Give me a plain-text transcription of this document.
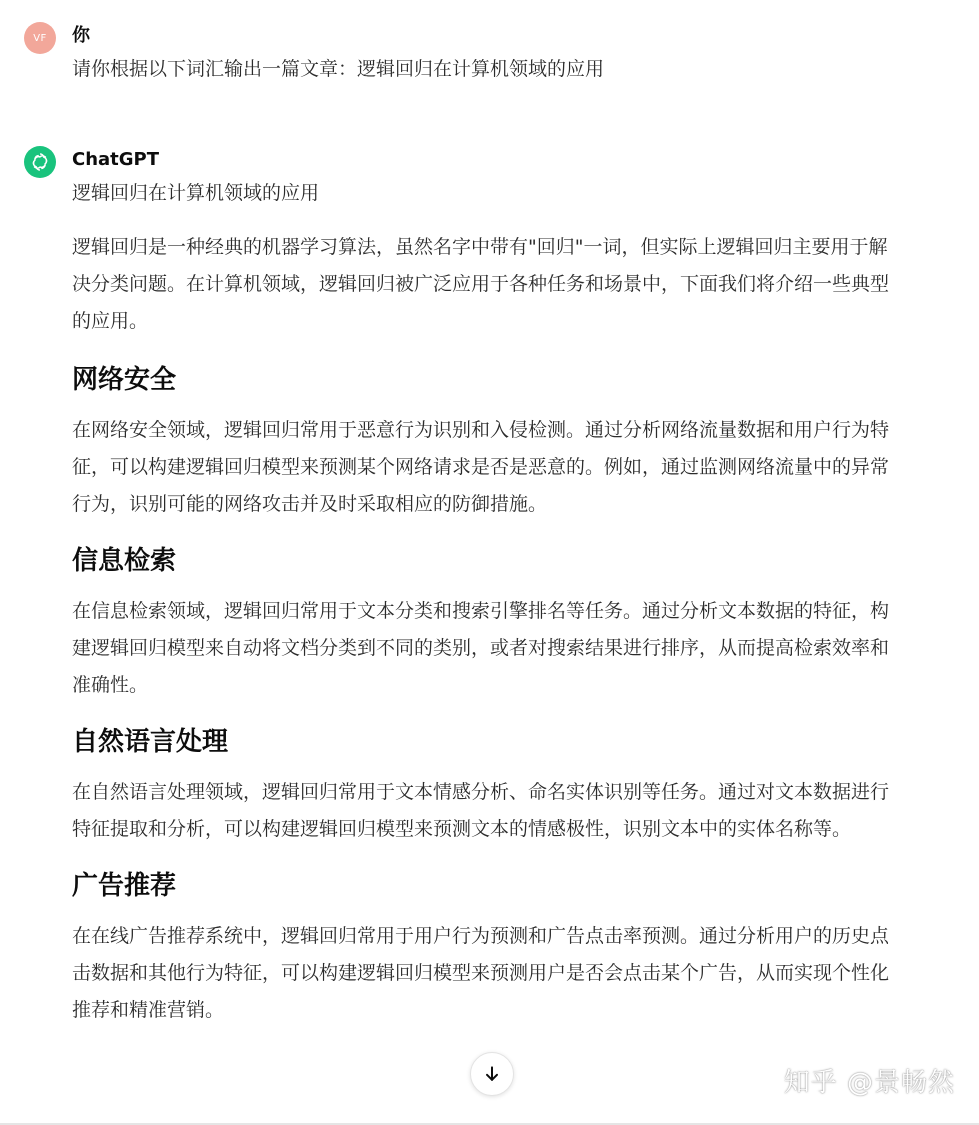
VF 你
请你根据以下词汇输出一篇文章：逻辑回归在计算机领域的应用
ChatGPT
逻辑回归在计算机领域的应用

逻辑回归是一种经典的机器学习算法，虽然名字中带有"回归"一词，但实际上逻辑回归主要用于解决分类问题。在计算机领域，逻辑回归被广泛应用于各种任务和场景中，下面我们将介绍一些典型的应用。

网络安全

在网络安全领域，逻辑回归常用于恶意行为识别和入侵检测。通过分析网络流量数据和用户行为特征，可以构建逻辑回归模型来预测某个网络请求是否是恶意的。例如，通过监测网络流量中的异常行为，识别可能的网络攻击并及时采取相应的防御措施。

信息检索

在信息检索领域，逻辑回归常用于文本分类和搜索引擎排名等任务。通过分析文本数据的特征，构建逻辑回归模型来自动将文档分类到不同的类别，或者对搜索结果进行排序，从而提高检索效率和准确性。

自然语言处理

在自然语言处理领域，逻辑回归常用于文本情感分析、命名实体识别等任务。通过对文本数据进行特征提取和分析，可以构建逻辑回归模型来预测文本的情感极性，识别文本中的实体名称等。

广告推荐

在在线广告推荐系统中，逻辑回归常用于用户行为预测和广告点击率预测。通过分析用户的历史点击数据和其他行为特征，可以构建逻辑回归模型来预测用户是否会点击某个广告，从而实现个性化推荐和精准营销。

知乎 @景畅然
